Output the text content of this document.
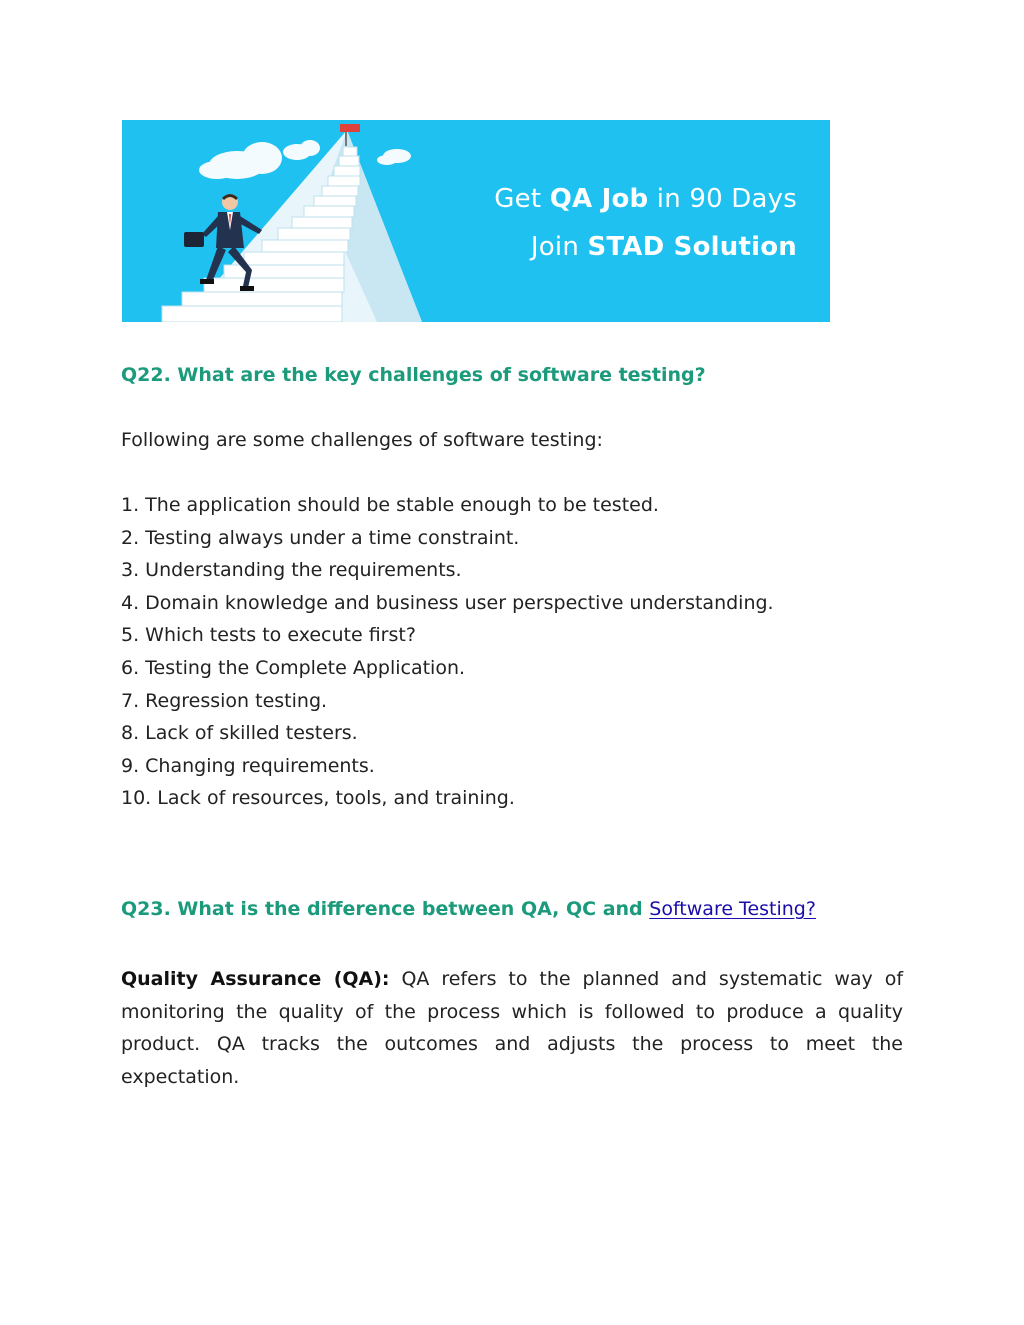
Get QA Job in 90 Days
Join STAD Solution
Q22. What are the key challenges of software testing?

Following are some challenges of software testing:

1. The application should be stable enough to be tested.
2. Testing always under a time constraint.
3. Understanding the requirements.
4. Domain knowledge and business user perspective understanding.
5. Which tests to execute first?
6. Testing the Complete Application.
7. Regression testing.
8. Lack of skilled testers.
9. Changing requirements.
10. Lack of resources, tools, and training.
Q23. What is the difference between QA, QC and Software Testing?

Quality Assurance (QA): QA refers to the planned and systematic way of monitoring the quality of the process which is followed to produce a quality product. QA tracks the outcomes and adjusts the process to meet the expectation.
